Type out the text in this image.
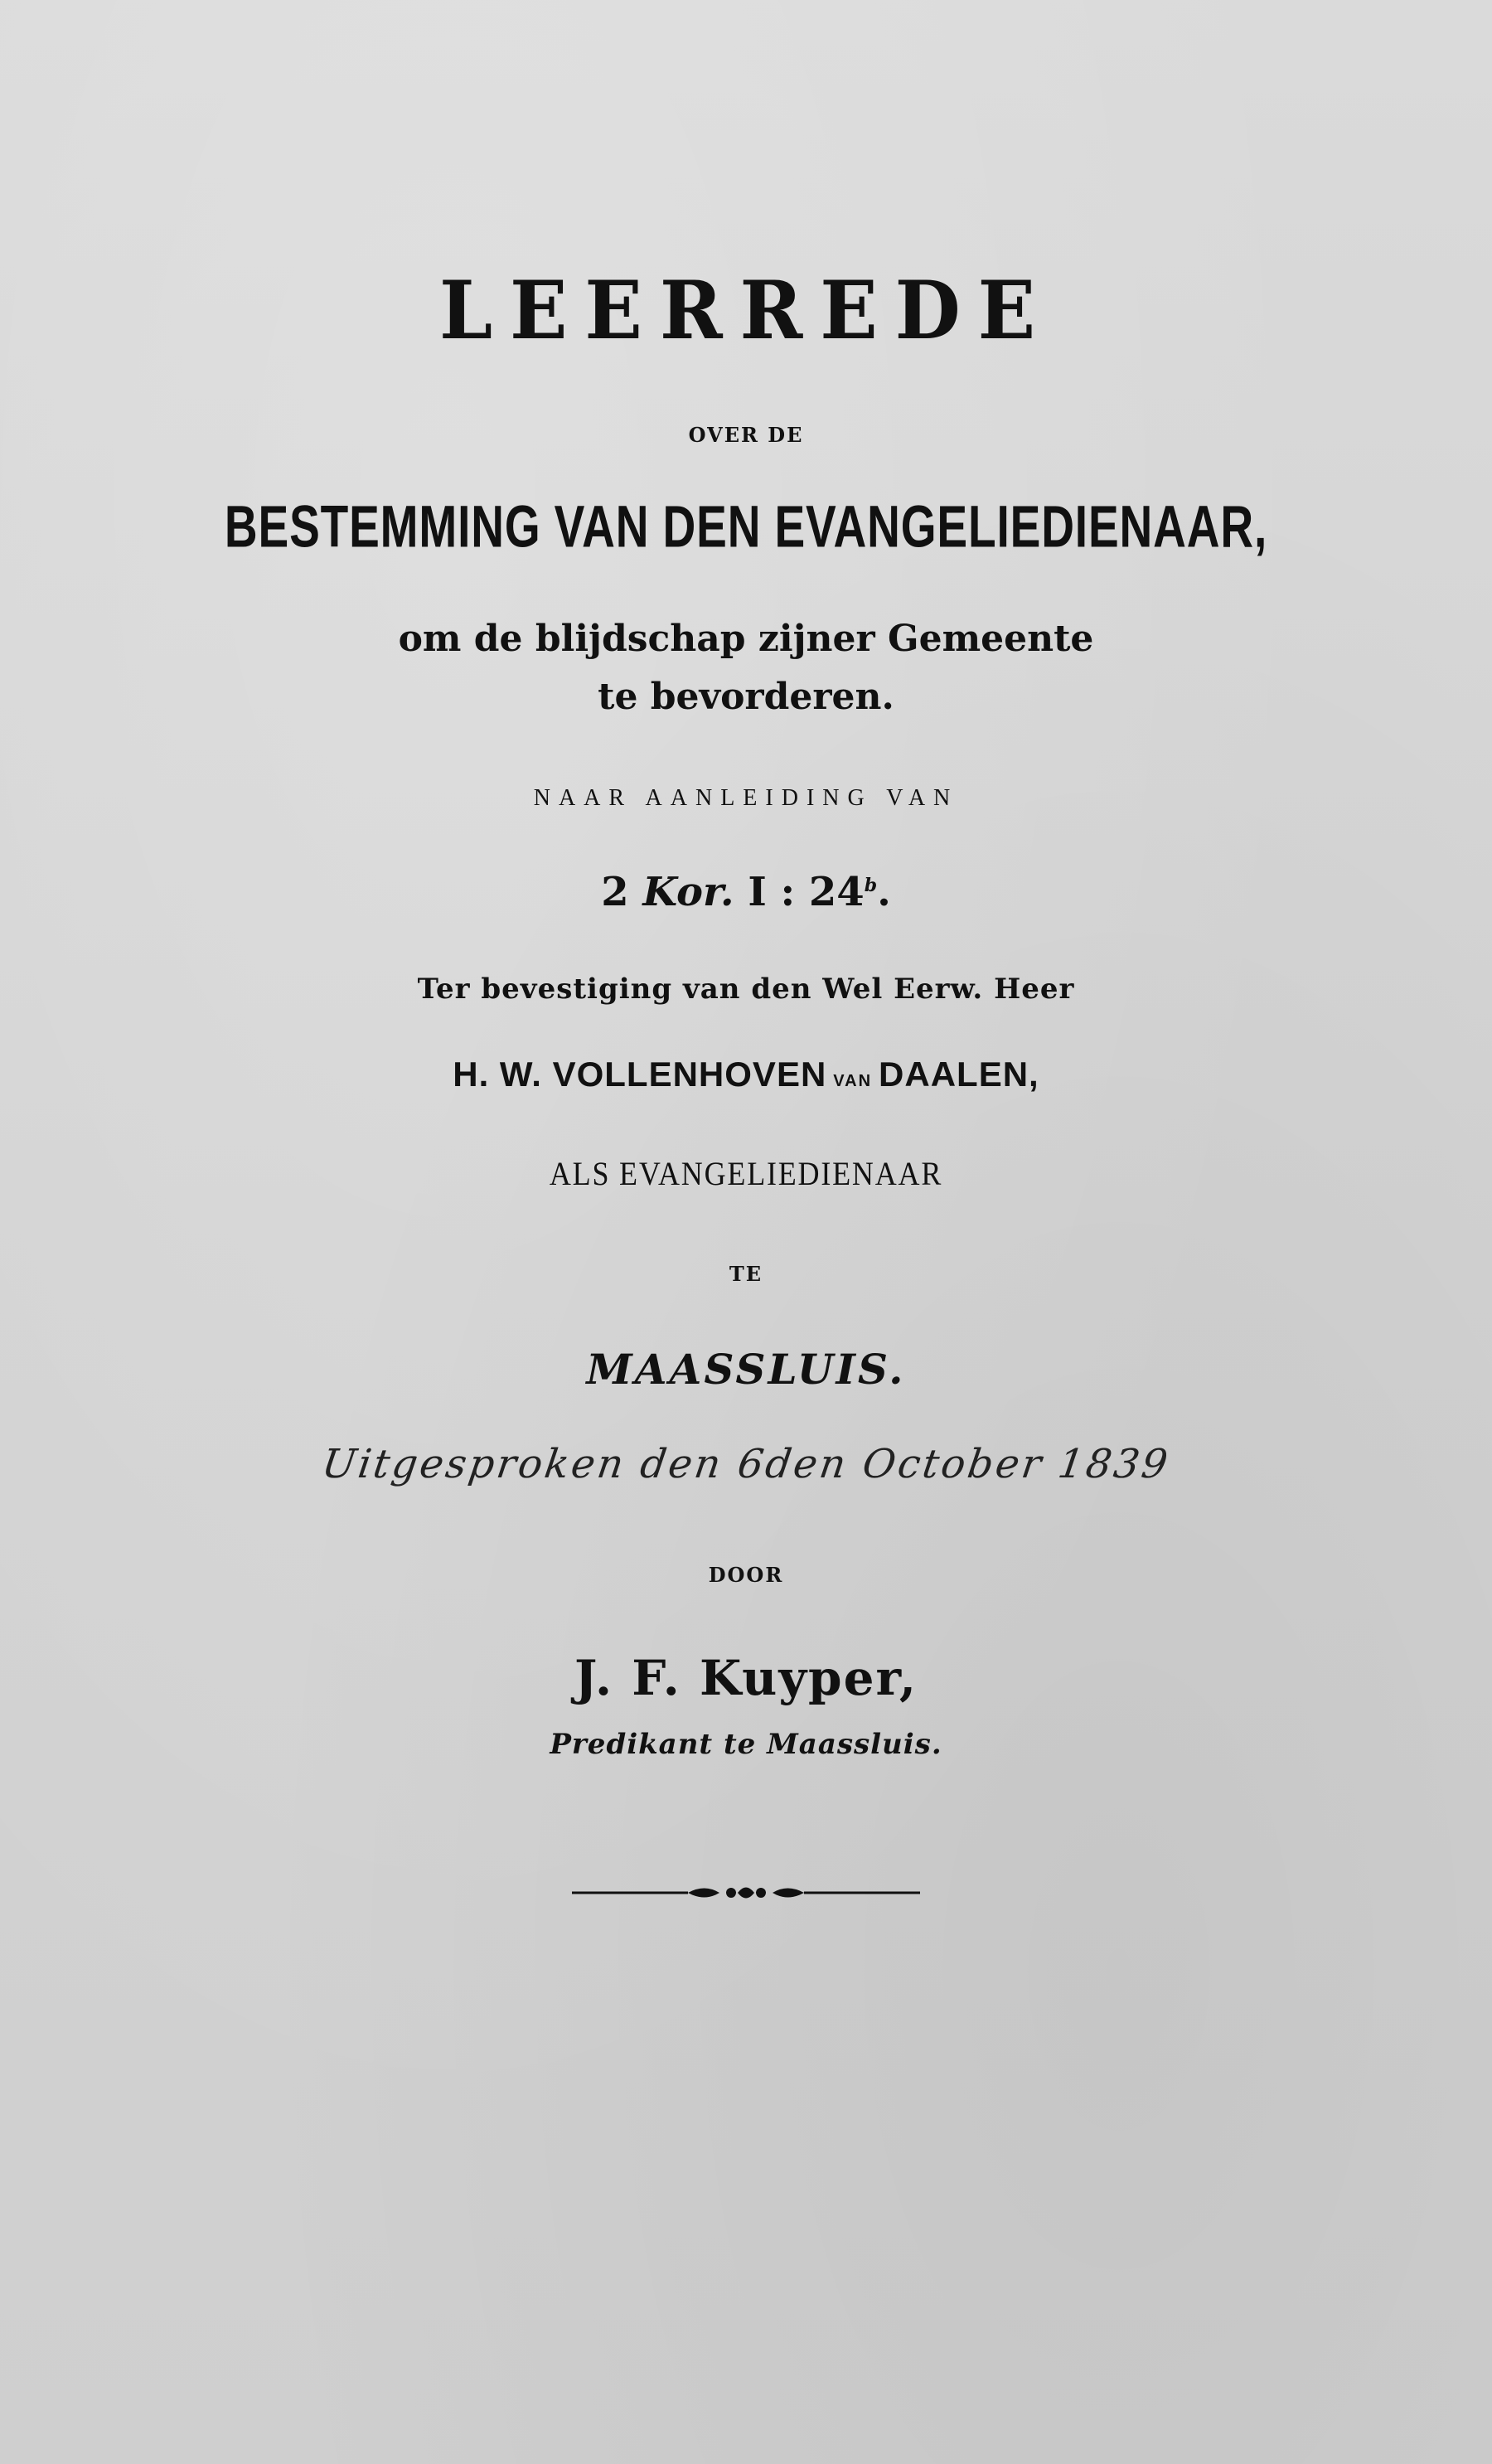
LEERREDE

OVER DE

BESTEMMING VAN DEN EVANGELIEDIENAAR,

om de blijdschap zijner Gemeente

te bevorderen.

NAAR AANLEIDING VAN

2 Kor. I : 24$^b$.

Ter bevestiging van den Wel Eerw. Heer

H. W. VOLLENHOVEN VAN DAALEN,

ALS EVANGELIEDIENAAR

TE

MAASSLUIS.

Uitgesproken den 6den October 1839

DOOR

J. F. Kuyper,

Predikant te Maassluis.
